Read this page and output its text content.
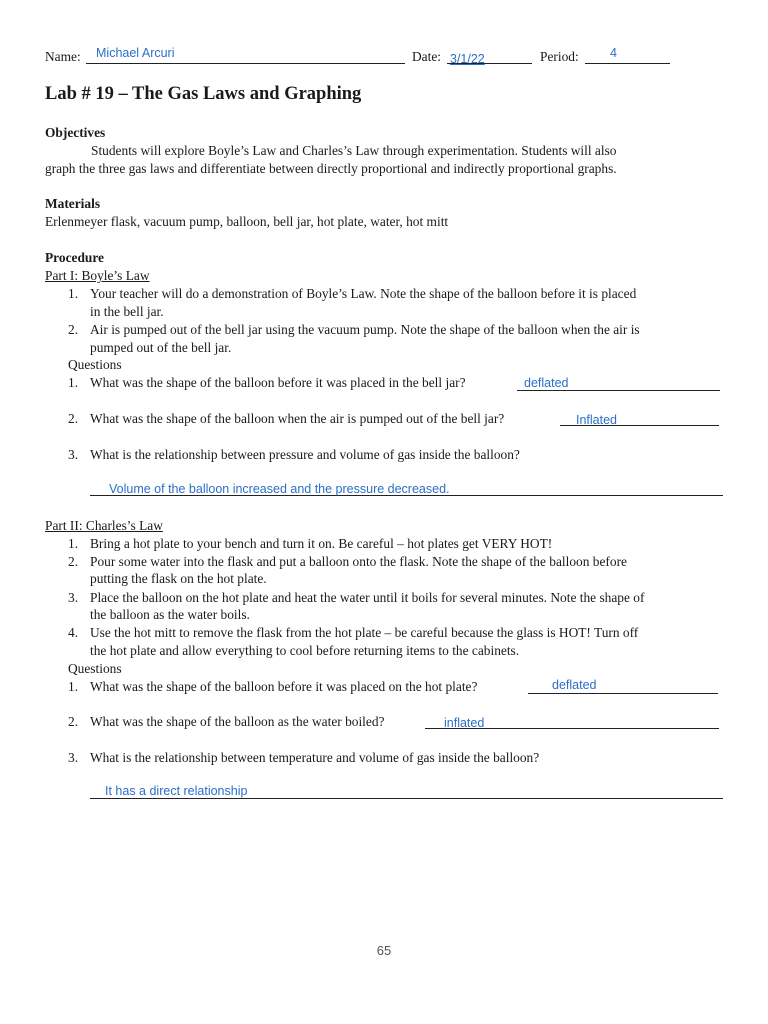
Name: Michael Arcuri	Date: 3/1/22	Period:	4
Lab # 19 – The Gas Laws and Graphing
Objectives
Students will explore Boyle’s Law and Charles’s Law through experimentation. Students will also
graph the three gas laws and differentiate between directly proportional and indirectly proportional graphs.
Materials
Erlenmeyer flask, vacuum pump, balloon, bell jar, hot plate, water, hot mitt
Procedure
Part I: Boyle’s Law
1. Your teacher will do a demonstration of Boyle’s Law. Note the shape of the balloon before it is placed
in the bell jar.
2. Air is pumped out of the bell jar using the vacuum pump. Note the shape of the balloon when the air is
pumped out of the bell jar.
Questions
1. What was the shape of the balloon before it was placed in the bell jar?	deflated
2. What was the shape of the balloon when the air is pumped out of the bell jar?	Inflated
3. What is the relationship between pressure and volume of gas inside the balloon?
Volume of the balloon increased and the pressure decreased.
Part II: Charles’s Law
1. Bring a hot plate to your bench and turn it on. Be careful – hot plates get VERY HOT!
2. Pour some water into the flask and put a balloon onto the flask. Note the shape of the balloon before
putting the flask on the hot plate.
3. Place the balloon on the hot plate and heat the water until it boils for several minutes. Note the shape of
the balloon as the water boils.
4. Use the hot mitt to remove the flask from the hot plate – be careful because the glass is HOT! Turn off
the hot plate and allow everything to cool before returning items to the cabinets.
Questions
1. What was the shape of the balloon before it was placed on the hot plate?	deflated
2. What was the shape of the balloon as the water boiled?	inflated
3. What is the relationship between temperature and volume of gas inside the balloon?
It has a direct relationship
65
